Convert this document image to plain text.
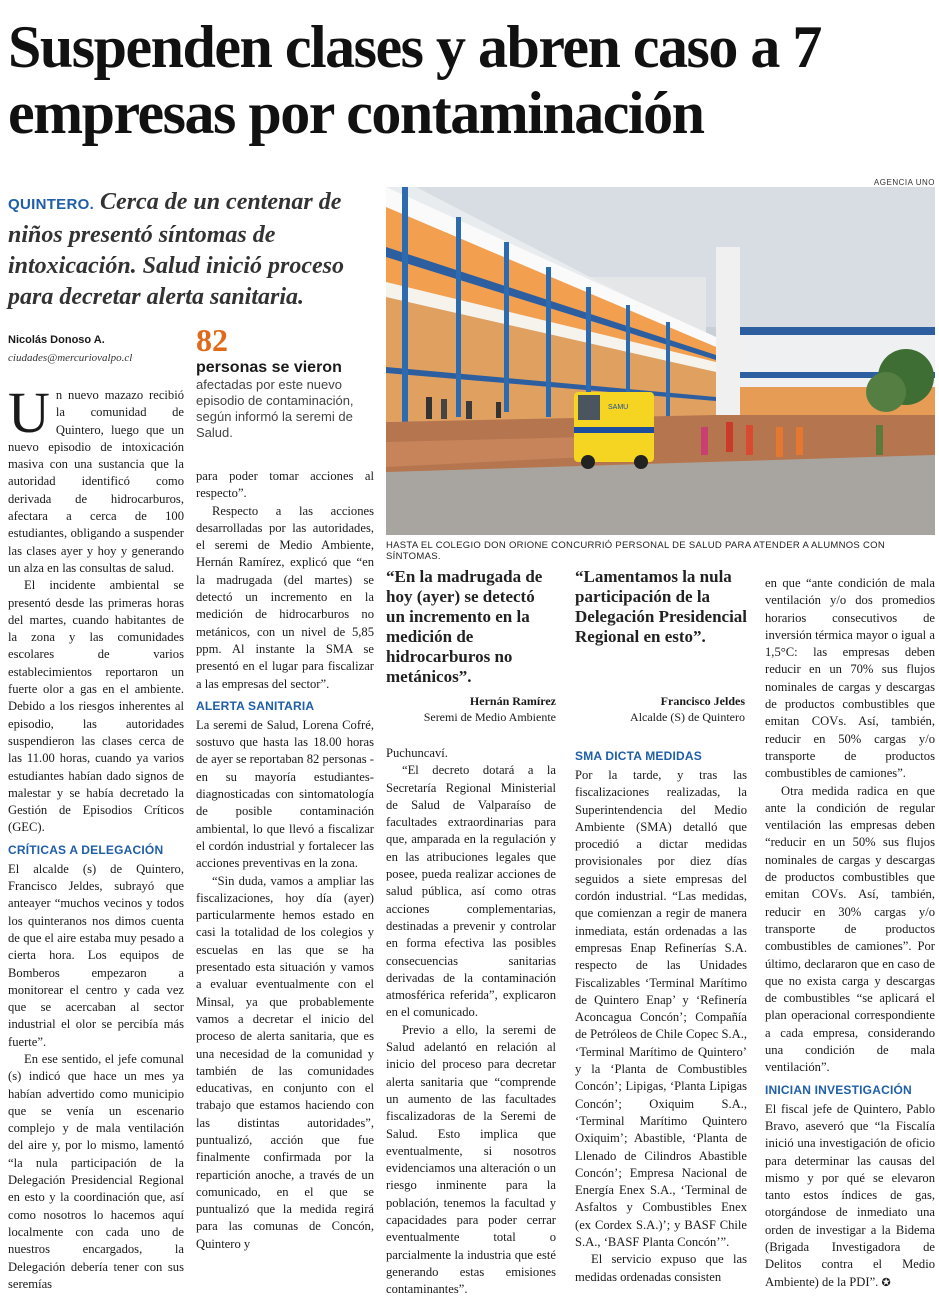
Suspenden clases y abren caso a 7 empresas por contaminación
AGENCIA UNO

QUINTERO. Cerca de un centenar de niños presentó síntomas de intoxicación. Salud inició proceso para decretar alerta sanitaria.

Nicolás Donoso A.
ciudades@mercuriovalpo.cl	82
personas se vieron
afectadas por este nuevo episodio de contaminación, según informó la seremi de Salud.
SAMU
HASTA EL COLEGIO DON ORIONE CONCURRIÓ PERSONAL DE SALUD PARA ATENDER A ALUMNOS CON SÍNTOMAS.

Un nuevo mazazo recibió la comunidad de Quintero, luego que un nuevo episodio de intoxicación masiva con una sustancia que la autoridad identificó como derivada de hidrocarburos, afectara a cerca de 100 estudiantes, obligando a suspender las clases ayer y hoy y generando un alza en las consultas de salud.

El incidente ambiental se presentó desde las primeras horas del martes, cuando habitantes de la zona y las comunidades escolares de varios establecimientos reportaron un fuerte olor a gas en el ambiente. Debido a los riesgos inherentes al episodio, las autoridades suspendieron las clases cerca de las 11.00 horas, cuando ya varios estudiantes habían dado signos de malestar y se había decretado la Gestión de Episodios Críticos (GEC).

CRÍTICAS A DELEGACIÓN

El alcalde (s) de Quintero, Francisco Jeldes, subrayó que anteayer “muchos vecinos y todos los quinteranos nos dimos cuenta de que el aire estaba muy pesado a cierta hora. Los equipos de Bomberos empezaron a monitorear el centro y cada vez que se acercaban al sector industrial el olor se percibía más fuerte”.

En ese sentido, el jefe comunal (s) indicó que hace un mes ya habían advertido como municipio que se venía un escenario complejo y de mala ventilación del aire y, por lo mismo, lamentó “la nula participación de la Delegación Presidencial Regional en esto y la coordinación que, así como nosotros lo hacemos aquí localmente con cada uno de nuestros encargados, la Delegación debería tener con sus seremías

para poder tomar acciones al respecto”.

Respecto a las acciones desarrolladas por las autoridades, el seremi de Medio Ambiente, Hernán Ramírez, explicó que “en la madrugada (del martes) se detectó un incremento en la medición de hidrocarburos no metánicos, con un nivel de 5,85 ppm. Al instante la SMA se presentó en el lugar para fiscalizar a las empresas del sector”.

ALERTA SANITARIA

La seremi de Salud, Lorena Cofré, sostuvo que hasta las 18.00 horas de ayer se reportaban 82 personas -en su mayoría estudiantes- diagnosticadas con sintomatología de posible contaminación ambiental, lo que llevó a fiscalizar el cordón industrial y fortalecer las acciones preventivas en la zona.

“Sin duda, vamos a ampliar las fiscalizaciones, hoy día (ayer) particularmente hemos estado en casi la totalidad de los colegios y escuelas en las que se ha presentado esta situación y vamos a evaluar eventualmente con el Minsal, ya que probablemente vamos a decretar el inicio del proceso de alerta sanitaria, que es una necesidad de la comunidad y también de las comunidades educativas, en conjunto con el trabajo que estamos haciendo con las distintas autoridades”, puntualizó, acción que fue finalmente confirmada por la repartición anoche, a través de un comunicado, en el que se puntualizó que la medida regirá para las comunas de Concón, Quintero y

“En la madrugada de hoy (ayer) se detectó un incremento en la medición de hidrocarburos no metánicos”.

Hernán Ramírez
Seremi de Medio Ambiente

“Lamentamos la nula participación de la Delegación Presidencial Regional en esto”.

Francisco Jeldes
Alcalde (S) de Quintero

Puchuncaví.

“El decreto dotará a la Secretaría Regional Ministerial de Salud de Valparaíso de facultades extraordinarias para que, amparada en la regulación y en las atribuciones legales que posee, pueda realizar acciones de salud pública, así como otras acciones complementarias, destinadas a prevenir y controlar en forma efectiva las posibles consecuencias sanitarias derivadas de la contaminación atmosférica referida”, explicaron en el comunicado.

Previo a ello, la seremi de Salud adelantó en relación al inicio del proceso para decretar alerta sanitaria que “comprende un aumento de las facultades fiscalizadoras de la Seremi de Salud. Esto implica que eventualmente, si nosotros evidenciamos una alteración o un riesgo inminente para la población, tenemos la facultad y capacidades para poder cerrar eventualmente total o parcialmente la industria que esté generando estas emisiones contaminantes”.

SMA DICTA MEDIDAS

Por la tarde, y tras las fiscalizaciones realizadas, la Superintendencia del Medio Ambiente (SMA) detalló que procedió a dictar medidas provisionales por diez días seguidos a siete empresas del cordón industrial. “Las medidas, que comienzan a regir de manera inmediata, están ordenadas a las empresas Enap Refinerías S.A. respecto de las Unidades Fiscalizables ‘Terminal Marítimo de Quintero Enap’ y ‘Refinería Aconcagua Concón’; Compañía de Petróleos de Chile Copec S.A., ‘Terminal Marítimo de Quintero’ y la ‘Planta de Combustibles Concón’; Lipigas, ‘Planta Lipigas Concón’; Oxiquim S.A., ‘Terminal Marítimo Quintero Oxiquim’; Abastible, ‘Planta de Llenado de Cilindros Abastible Concón’; Empresa Nacional de Energía Enex S.A., ‘Terminal de Asfaltos y Combustibles Enex (ex Cordex S.A.)’; y BASF Chile S.A., ‘BASF Planta Concón’”.

El servicio expuso que las medidas ordenadas consisten

en que “ante condición de mala ventilación y/o dos promedios horarios consecutivos de inversión térmica mayor o igual a 1,5°C: las empresas deben reducir en un 70% sus flujos nominales de cargas y descargas de productos combustibles que emitan COVs. Así, también, reducir en 50% cargas y/o transporte de productos combustibles de camiones”.

Otra medida radica en que ante la condición de regular ventilación las empresas deben “reducir en un 50% sus flujos nominales de cargas y descargas de productos combustibles que emitan COVs. Así, también, reducir en 30% cargas y/o transporte de productos combustibles de camiones”. Por último, declararon que en caso de que no exista carga y descargas de combustibles “se aplicará el plan operacional correspondiente a cada empresa, considerando una condición de mala ventilación”.

INICIAN INVESTIGACIÓN

El fiscal jefe de Quintero, Pablo Bravo, aseveró que “la Fiscalía inició una investigación de oficio para determinar las causas del mismo y por qué se elevaron tanto estos índices de gas, otorgándose de inmediato una orden de investigar a la Bidema (Brigada Investigadora de Delitos contra el Medio Ambiente) de la PDI”. ✪
